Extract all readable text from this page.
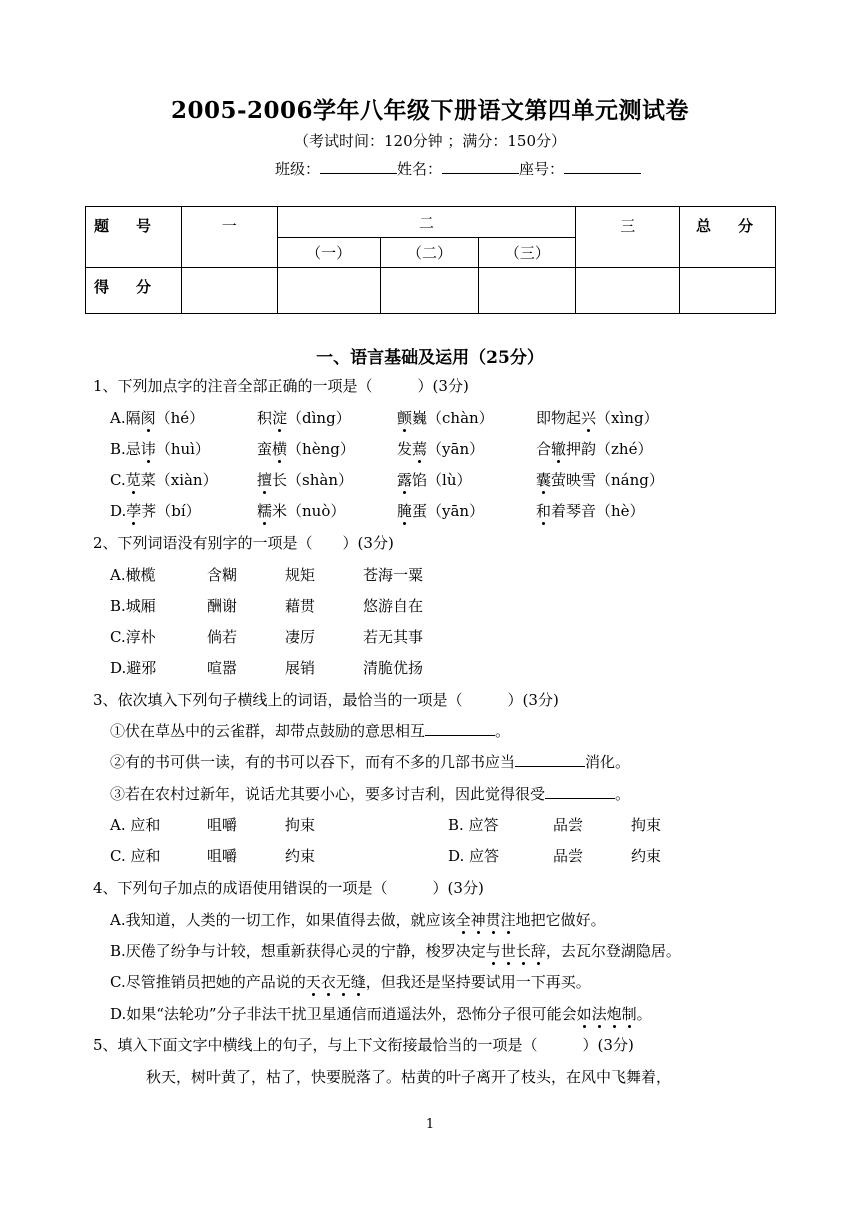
2005-2006学年八年级下册语文第四单元测试卷
（考试时间：120分钟 ；满分：150分）
班级：	姓名：	座号：
题　号	一	二			三	总　分
		（一）	（二）	（三）		
得　分						
一、语言基础及运用（25分）
1、下列加点字的注音全部正确的一项是（　　　）(3分)
A.隔阂（hé）	积淀（dìng）	颤巍（chàn）	即物起兴（xìng）
B.忌讳（huì）	蛮横（hèng）	发蔫（yān）	合辙押韵（zhé）
C.苋菜（xiàn）	擅长（shàn）	露馅（lù）	囊萤映雪（náng）
D.荸荠（bí）	糯米（nuò）	腌蛋（yān）	和着琴音（hè）
2、下列词语没有别字的一项是（　　）(3分)
A.橄榄	含糊	规矩	苍海一粟
B.城厢	酬谢	藉贯	悠游自在
C.淳朴	倘若	凄厉	若无其事
D.避邪	喧嚣	展销	清脆优扬
3、依次填入下列句子横线上的词语，最恰当的一项是（　　　）(3分)
①伏在草丛中的云雀群，却带点鼓励的意思相互	。
②有的书可供一读，有的书可以吞下，而有不多的几部书应当	消化。
③若在农村过新年，说话尤其要小心，要多讨吉利，因此觉得很受	。
A. 应和	咀嚼	拘束	B. 应答	品尝	拘束
C. 应和	咀嚼	约束	D. 应答	品尝	约束
4、下列句子加点的成语使用错误的一项是（　　　）(3分)
A.我知道，人类的一切工作，如果值得去做，就应该全神贯注地把它做好。
B.厌倦了纷争与计较，想重新获得心灵的宁静，梭罗决定与世长辞，去瓦尔登湖隐居。
C.尽管推销员把她的产品说的天衣无缝，但我还是坚持要试用一下再买。
D.如果“法轮功”分子非法干扰卫星通信而逍遥法外，恐怖分子很可能会如法炮制。
5、填入下面文字中横线上的句子，与上下文衔接最恰当的一项是（　　　）(3分)
秋天，树叶黄了，枯了，快要脱落了。枯黄的叶子离开了枝头，在风中飞舞着，
1
